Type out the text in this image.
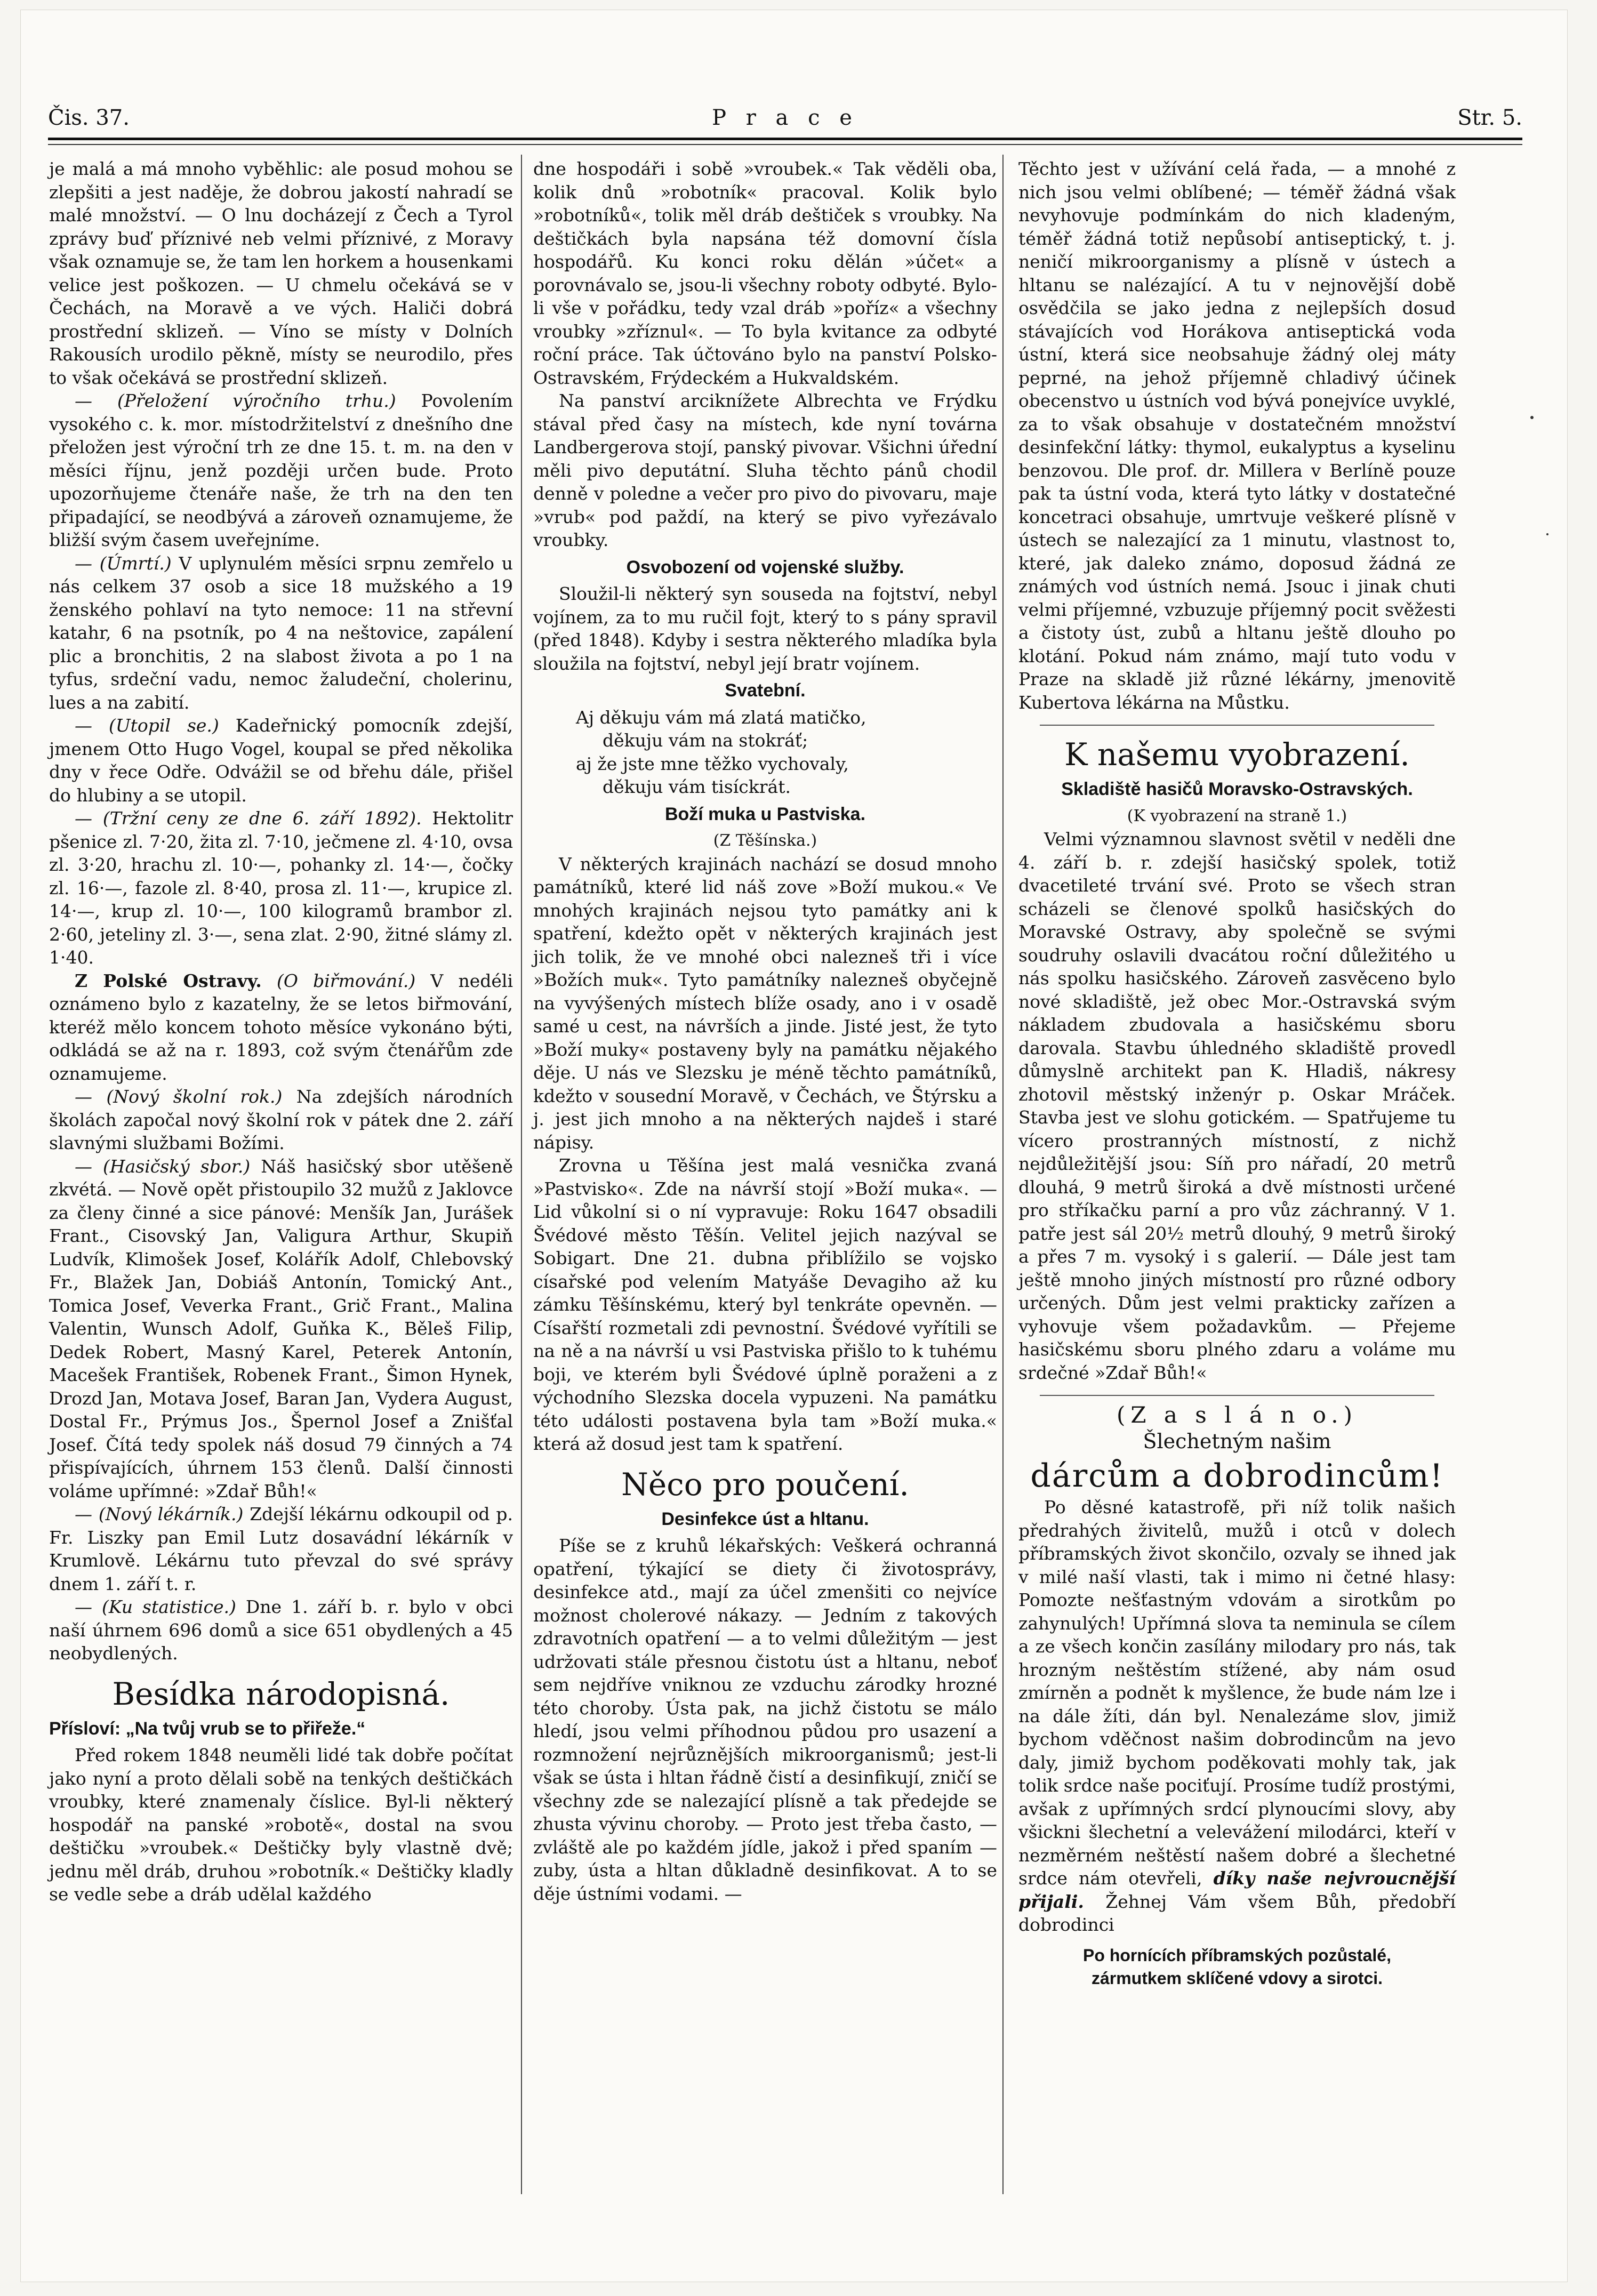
Čis. 37.	P r a c e	Str. 5.

je malá a má mnoho vyběhlic: ale posud mohou se zlepšiti a jest naděje, že dobrou jakostí nahradí se malé množství. — O lnu docházejí z Čech a Tyrol zprávy buď příznivé neb velmi příznivé, z Moravy však oznamuje se, že tam len horkem a housenkami velice jest poškozen. — U chmelu očekává se v Čechách, na Moravě a ve vých. Haliči dobrá prostřední sklizeň. — Víno se místy v Dolních Rakousích urodilo pěkně, místy se neurodilo, přes to však očekává se prostřední sklizeň.

— (Přeložení výročního trhu.) Povolením vysokého c. k. mor. místodržitelství z dnešního dne přeložen jest výroční trh ze dne 15. t. m. na den v měsíci říjnu, jenž později určen bude. Proto upozorňujeme čtenáře naše, že trh na den ten připadající, se neodbývá a zároveň oznamujeme, že bližší svým časem uveřejníme.

— (Úmrtí.) V uplynulém měsíci srpnu zemřelo u nás celkem 37 osob a sice 18 mužského a 19 ženského pohlaví na tyto nemoce: 11 na střevní katahr, 6 na psotník, po 4 na neštovice, zapálení plic a bronchitis, 2 na slabost života a po 1 na tyfus, srdeční vadu, nemoc žaludeční, cholerinu, lues a na zabití.

— (Utopil se.) Kadeřnický pomocník zdejší, jmenem Otto Hugo Vogel, koupal se před několika dny v řece Odře. Odvážil se od břehu dále, přišel do hlubiny a se utopil.

— (Tržní ceny ze dne 6. září 1892). Hektolitr pšenice zl. 7·20, žita zl. 7·10, ječmene zl. 4·10, ovsa zl. 3·20, hrachu zl. 10·—, pohanky zl. 14·—, čočky zl. 16·—, fazole zl. 8·40, prosa zl. 11·—, krupice zl. 14·—, krup zl. 10·—, 100 kilogramů brambor zl. 2·60, jeteliny zl. 3·—, sena zlat. 2·90, žitné slámy zl. 1·40.

Z Polské Ostravy. (O biřmování.) V nedéli oznámeno bylo z kazatelny, že se letos biřmování, kteréž mělo koncem tohoto měsíce vykonáno býti, odkládá se až na r. 1893, což svým čtenářům zde oznamujeme.

— (Nový školní rok.) Na zdejších národních školách započal nový školní rok v pátek dne 2. září slavnými službami Božími.

— (Hasičský sbor.) Náš hasičský sbor utěšeně zkvétá. — Nově opět přistoupilo 32 mužů z Jaklovce za členy činné a sice pánové: Menšík Jan, Jurášek Frant., Cisovský Jan, Valigura Arthur, Skupiň Ludvík, Klimošek Josef, Kolářík Adolf, Chlebovský Fr., Blažek Jan, Dobiáš Antonín, Tomický Ant., Tomica Josef, Veverka Frant., Grič Frant., Malina Valentin, Wunsch Adolf, Guňka K., Běleš Filip, Dedek Robert, Masný Karel, Peterek Antonín, Macešek František, Robenek Frant., Šimon Hynek, Drozd Jan, Motava Josef, Baran Jan, Vydera August, Dostal Fr., Prýmus Jos., Špernol Josef a Znišťal Josef. Čítá tedy spolek náš dosud 79 činných a 74 přispívajících, úhrnem 153 členů. Další činnosti voláme upřímné: »Zdař Bůh!«

— (Nový lékárník.) Zdejší lékárnu odkoupil od p. Fr. Liszky pan Emil Lutz dosavádní lékárník v Krumlově. Lékárnu tuto převzal do své správy dnem 1. září t. r.

— (Ku statistice.) Dne 1. září b. r. bylo v obci naší úhrnem 696 domů a sice 651 obydlených a 45 neobydlených.

Besídka národopisná.
Přísloví: „Na tvůj vrub se to přiřeže.“

Před rokem 1848 neuměli lidé tak dobře počítat jako nyní a proto dělali sobě na tenkých deštičkách vroubky, které znamenaly číslice. Byl-li některý hospodář na panské »robotě«, dostal na svou deštičku »vroubek.« Deštičky byly vlastně dvě; jednu měl dráb, druhou »robotník.« Deštičky kladly se vedle sebe a dráb udělal každého

dne hospodáři i sobě »vroubek.« Tak věděli oba, kolik dnů »robotník« pracoval. Kolik bylo »robotníků«, tolik měl dráb deštiček s vroubky. Na deštičkách byla napsána též domovní čísla hospodářů. Ku konci roku dělán »účet« a porovnávalo se, jsou-li všechny roboty odbyté. Bylo-li vše v pořádku, tedy vzal dráb »poříz« a všechny vroubky »zříznul«. — To byla kvitance za odbyté roční práce. Tak účtováno bylo na panství Polsko-Ostravském, Frýdeckém a Hukvaldském.

Na panství arciknížete Albrechta ve Frýdku stával před časy na místech, kde nyní továrna Landbergerova stojí, panský pivovar. Všichni úřední měli pivo deputátní. Sluha těchto pánů chodil denně v poledne a večer pro pivo do pivovaru, maje »vrub« pod paždí, na který se pivo vyřezávalo vroubky.

Osvobození od vojenské služby.

Sloužil-li některý syn souseda na fojtství, nebyl vojínem, za to mu ručil fojt, který to s pány spravil (před 1848). Kdyby i sestra některého mladíka byla sloužila na fojtství, nebyl její bratr vojínem.

Svatební.

Aj děkuju vám má zlatá matičko,

děkuju vám na stokráť;

aj že jste mne těžko vychovaly,

děkuju vám tisíckrát.

Boží muka u Pastviska.
(Z Těšínska.)

V některých krajinách nachází se dosud mnoho památníků, které lid náš zove »Boží mukou.« Ve mnohých krajinách nejsou tyto památky ani k spatření, kdežto opět v některých krajinách jest jich tolik, že ve mnohé obci nalezneš tři i více »Božích muk«. Tyto památníky nalezneš obyčejně na vyvýšených místech blíže osady, ano i v osadě samé u cest, na návrších a jinde. Jisté jest, že tyto »Boží muky« postaveny byly na památku nějakého děje. U nás ve Slezsku je méně těchto památníků, kdežto v sousední Moravě, v Čechách, ve Štýrsku a j. jest jich mnoho a na některých najdeš i staré nápisy.

Zrovna u Těšína jest malá vesnička zvaná »Pastvisko«. Zde na návrší stojí »Boží muka«. — Lid vůkolní si o ní vypravuje: Roku 1647 obsadili Švédové město Těšín. Velitel jejich nazýval se Sobigart. Dne 21. dubna přiblížilo se vojsko císařské pod velením Matyáše Devagiho až ku zámku Těšínskému, který byl tenkráte opevněn. — Císařští rozmetali zdi pevnostní. Švédové vyřítili se na ně a na návrší u vsi Pastviska přišlo to k tuhému boji, ve kterém byli Švédové úplně poraženi a z východního Slezska docela vypuzeni. Na památku této události postavena byla tam »Boží muka.« která až dosud jest tam k spatření.

Něco pro poučení.
Desinfekce úst a hltanu.

Píše se z kruhů lékařských: Veškerá ochranná opatření, týkající se diety či životosprávy, desinfekce atd., mají za účel zmenšiti co nejvíce možnost cholerové nákazy. — Jedním z takových zdravotních opatření — a to velmi důležitým — jest udržovati stále přesnou čistotu úst a hltanu, neboť sem nejdříve vniknou ze vzduchu zárodky hrozné této choroby. Ústa pak, na jichž čistotu se málo hledí, jsou velmi příhodnou půdou pro usazení a rozmnožení nejrůznějších mikroorganismů; jest-li však se ústa i hltan řádně čistí a desinfikují, zničí se všechny zde se nalezající plísně a tak předejde se zhusta vývinu choroby. — Proto jest třeba často, — zvláště ale po každém jídle, jakož i před spaním — zuby, ústa a hltan důkladně desinfikovat. A to se děje ústními vodami. —

Těchto jest v užívání celá řada, — a mnohé z nich jsou velmi oblíbené; — téměř žádná však nevyhovuje podmínkám do nich kladeným, téměř žádná totiž nepůsobí antiseptický, t. j. neničí mikroorganismy a plísně v ústech a hltanu se nalézající. A tu v nejnovější době osvědčila se jako jedna z nejlepších dosud stávajících vod Horákova antiseptická voda ústní, která sice neobsahuje žádný olej máty peprné, na jehož příjemně chladivý účinek obecenstvo u ústních vod bývá ponejvíce uvyklé, za to však obsahuje v dostatečném množství desinfekční látky: thymol, eukalyptus a kyselinu benzovou. Dle prof. dr. Millera v Berlíně pouze pak ta ústní voda, která tyto látky v dostatečné koncetraci obsahuje, umrtvuje veškeré plísně v ústech se nalezající za 1 minutu, vlastnost to, které, jak daleko známo, doposud žádná ze známých vod ústních nemá. Jsouc i jinak chuti velmi příjemné, vzbuzuje příjemný pocit svěžesti a čistoty úst, zubů a hltanu ještě dlouho po klotání. Pokud nám známo, mají tuto vodu v Praze na skladě již různé lékárny, jmenovitě Kubertova lékárna na Můstku.

K našemu vyobrazení.
Skladiště hasičů Moravsko-Ostravských.
(K vyobrazení na straně 1.)

Velmi významnou slavnost světil v neděli dne 4. září b. r. zdejší hasičský spolek, totiž dvacetileté trvání své. Proto se všech stran scházeli se členové spolků hasičských do Moravské Ostravy, aby společně se svými soudruhy oslavili dvacátou roční důležitého u nás spolku hasičského. Zároveň zasvěceno bylo nové skladiště, jež obec Mor.-Ostravská svým nákladem zbudovala a hasičskému sboru darovala. Stavbu úhledného skladiště provedl důmyslně architekt pan K. Hladiš, nákresy zhotovil městský inženýr p. Oskar Mráček. Stavba jest ve slohu gotickém. — Spatřujeme tu vícero prostranných místností, z nichž nejdůležitější jsou: Síň pro nářadí, 20 metrů dlouhá, 9 metrů široká a dvě místnosti určené pro stříkačku parní a pro vůz záchranný. V 1. patře jest sál 20½ metrů dlouhý, 9 metrů široký a přes 7 m. vysoký i s galerií. — Dále jest tam ještě mnoho jiných místností pro různé odbory určených. Dům jest velmi prakticky zařízen a vyhovuje všem požadavkům. — Přejeme hasičskému sboru plného zdaru a voláme mu srdečné »Zdař Bůh!«

(Z a s l á n o.)
Šlechetným našim
dárcům a dobrodincům!

Po děsné katastrofě, při níž tolik našich předrahých živitelů, mužů i otců v dolech příbramských život skončilo, ozvaly se ihned jak v milé naší vlasti, tak i mimo ni četné hlasy: Pomozte nešťastným vdovám a sirotkům po zahynulých! Upřímná slova ta neminula se cílem a ze všech končin zasílány milodary pro nás, tak hrozným neštěstím stížené, aby nám osud zmírněn a podnět k myšlence, že bude nám lze i na dále žíti, dán byl. Nenalezáme slov, jimiž bychom vděčnost našim dobrodincům na jevo daly, jimiž bychom poděkovati mohly tak, jak tolik srdce naše pociťují. Prosíme tudíž prostými, avšak z upřímných srdcí plynoucími slovy, aby všickni šlechetní a velevážení milodárci, kteří v nezměrném neštěstí našem dobré a šlechetné srdce nám otevřeli, díky naše nejvroucnější přijali. Žehnej Vám všem Bůh, předobří dobrodinci

Po hornících příbramských pozůstalé,
zármutkem sklíčené vdovy a sirotci.
